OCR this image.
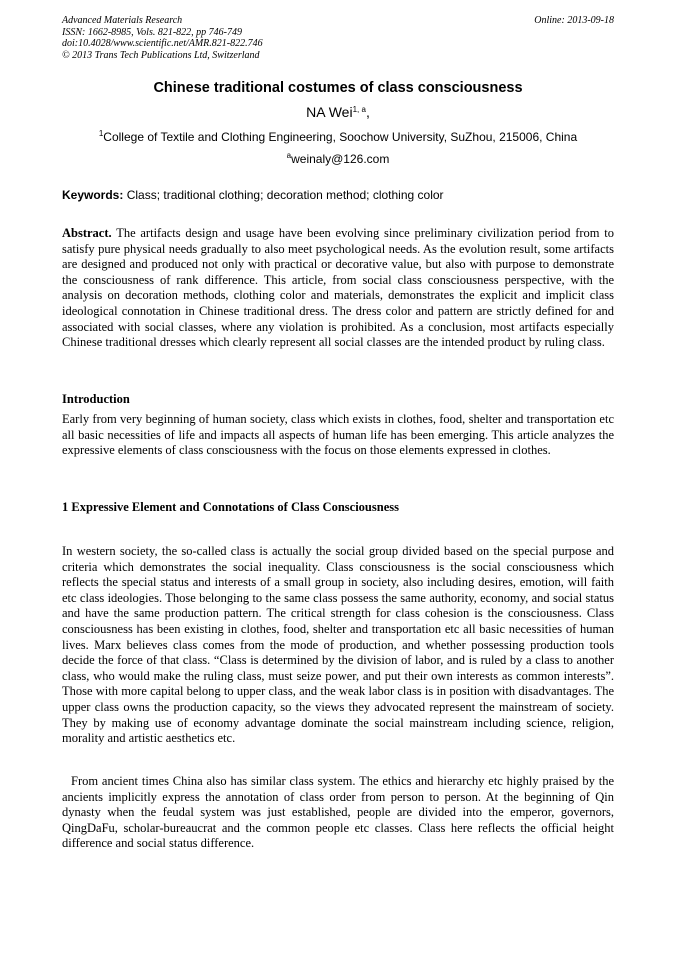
Advanced Materials Research
ISSN: 1662-8985, Vols. 821-822, pp 746-749
doi:10.4028/www.scientific.net/AMR.821-822.746
© 2013 Trans Tech Publications Ltd, Switzerland
Online: 2013-09-18
Chinese traditional costumes of class consciousness
NA Wei$^{1, a}$,
$^1$College of Textile and Clothing Engineering, Soochow University, SuZhou, 215006, China
$^a$weinaly@126.com
Keywords: Class; traditional clothing; decoration method; clothing color

Abstract. The artifacts design and usage have been evolving since preliminary civilization period from to satisfy pure physical needs gradually to also meet psychological needs. As the evolution result, some artifacts are designed and produced not only with practical or decorative value, but also with purpose to demonstrate the consciousness of rank difference. This article, from social class consciousness perspective, with the analysis on decoration methods, clothing color and materials, demonstrates the explicit and implicit class ideological connotation in Chinese traditional dress. The dress color and pattern are strictly defined for and associated with social classes, where any violation is prohibited. As a conclusion, most artifacts especially Chinese traditional dresses which clearly represent all social classes are the intended product by ruling class.

Introduction

Early from very beginning of human society, class which exists in clothes, food, shelter and transportation etc all basic necessities of life and impacts all aspects of human life has been emerging. This article analyzes the expressive elements of class consciousness with the focus on those elements expressed in clothes.

1 Expressive Element and Connotations of Class Consciousness

In western society, the so-called class is actually the social group divided based on the special purpose and criteria which demonstrates the social inequality. Class consciousness is the social consciousness which reflects the special status and interests of a small group in society, also including desires, emotion, will faith etc class ideologies. Those belonging to the same class possess the same authority, economy, and social status and have the same production pattern. The critical strength for class cohesion is the consciousness. Class consciousness has been existing in clothes, food, shelter and transportation etc all basic necessities of human lives. Marx believes class comes from the mode of production, and whether possessing production tools decide the force of that class. “Class is determined by the division of labor, and is ruled by a class to another class, who would make the ruling class, must seize power, and put their own interests as common interests”. Those with more capital belong to upper class, and the weak labor class is in position with disadvantages. The upper class owns the production capacity, so the views they advocated represent the mainstream of society. They by making use of economy advantage dominate the social mainstream including science, religion, morality and artistic aesthetics etc.

From ancient times China also has similar class system. The ethics and hierarchy etc highly praised by the ancients implicitly express the annotation of class order from person to person. At the beginning of Qin dynasty when the feudal system was just established, people are divided into the emperor, governors, QingDaFu, scholar-bureaucrat and the common people etc classes. Class here reflects the official height difference and social status difference.
